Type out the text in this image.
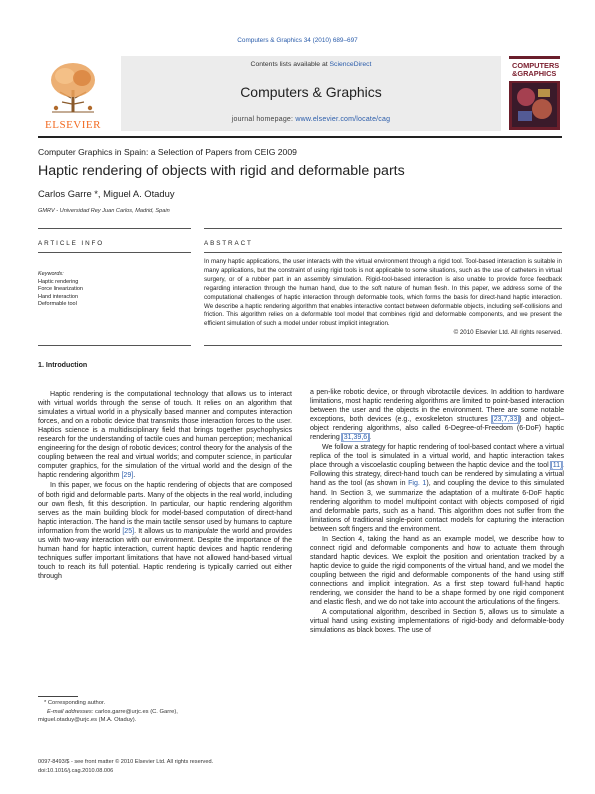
Computers & Graphics 34 (2010) 689–697
Contents lists available at ScienceDirect
Computers & Graphics
journal homepage: www.elsevier.com/locate/cag
ELSEVIER
COMPUTERS
&GRAPHICS
Computer Graphics in Spain: a Selection of Papers from CEIG 2009
Haptic rendering of objects with rigid and deformable parts
Carlos Garre *, Miguel A. Otaduy
GMRV - Universidad Rey Juan Carlos, Madrid, Spain
ARTICLE INFO	ABSTRACT
Keywords:
Haptic rendering
Force linearization
Hand interaction
Deformable tool
In many haptic applications, the user interacts with the virtual environment through a rigid tool. Tool-based interaction is suitable in many applications, but the constraint of using rigid tools is not applicable to some situations, such as the use of catheters in virtual surgery, or of a rubber part in an assembly simulation. Rigid-tool-based interaction is also unable to provide force feedback regarding interaction through the human hand, due to the soft nature of human flesh. In this paper, we address some of the computational challenges of haptic interaction through deformable tools, which forms the basis for direct-hand haptic interaction. We describe a haptic rendering algorithm that enables interactive contact between deformable objects, including self-collisions and friction. This algorithm relies on a deformable tool model that combines rigid and deformable components, and we present the efficient simulation of such a model under robust implicit integration.
© 2010 Elsevier Ltd. All rights reserved.
1. Introduction

Haptic rendering is the computational technology that allows us to interact with virtual worlds through the sense of touch. It relies on an algorithm that simulates a virtual world in a physically based manner and computes interaction forces, and on a robotic device that transmits those interaction forces to the user. Haptics science is a multidisciplinary field that brings together psychophysics research for the understanding of tactile cues and human perception; mechanical engineering for the design of robotic devices; control theory for the analysis of the coupling between the real and virtual worlds; and computer science, in particular computer graphics, for the simulation of the virtual world and the design of the haptic rendering algorithm [29].

In this paper, we focus on the haptic rendering of objects that are composed of both rigid and deformable parts. Many of the objects in the real world, including our own flesh, fit this description. In particular, our haptic rendering algorithm serves as the main building block for model-based computation of direct-hand haptic interaction. The hand is the main tactile sensor used by humans to capture information from the world [25]. It allows us to manipulate the world and provides us with two-way interaction with our environment. Despite the importance of the human hand for haptic interaction, current haptic devices and haptic rendering techniques suffer important limitations that have not allowed hand-based virtual touch to reach its full potential. Haptic rendering is typically carried out either through

a pen-like robotic device, or through vibrotactile devices. In addition to hardware limitations, most haptic rendering algorithms are limited to point-based interaction between the user and the objects in the environment. There are some notable exceptions, both devices (e.g., exoskeleton structures [23,7,33]) and object–object rendering algorithms, also called 6-Degree-of-Freedom (6-DoF) haptic rendering [31,39,6].

We follow a strategy for haptic rendering of tool-based contact where a virtual replica of the tool is simulated in a virtual world, and haptic interaction takes place through a viscoelastic coupling between the haptic device and the tool [11]. Following this strategy, direct-hand touch can be rendered by simulating a virtual hand as the tool (as shown in Fig. 1), and coupling the device to this simulated hand. In Section 3, we summarize the adaptation of a multirate 6-DoF haptic rendering algorithm to model multipoint contact with objects composed of rigid and deformable parts, such as a hand. This algorithm does not suffer from the limitations of traditional single-point contact models for capturing the interaction between soft fingers and the environment.

In Section 4, taking the hand as an example model, we describe how to connect rigid and deformable components and how to actuate them through standard haptic devices. We exploit the position and orientation tracked by a haptic device to guide the rigid components of the virtual hand, and we model the coupling between the rigid and deformable components of the hand using stiff connections and implicit integration. As a first step toward full-hand haptic rendering, we consider the hand to be a shape formed by one rigid component and elastic flesh, and we do not take into account the articulations of the fingers.

A computational algorithm, described in Section 5, allows us to simulate a virtual hand using existing implementations of rigid-body and deformable-body simulations as black boxes. The use of

* Corresponding author.
E-mail addresses: carlos.garre@urjc.es (C. Garre),
miguel.otaduy@urjc.es (M.A. Otaduy).
0097-8493/$ - see front matter © 2010 Elsevier Ltd. All rights reserved.
doi:10.1016/j.cag.2010.08.006
